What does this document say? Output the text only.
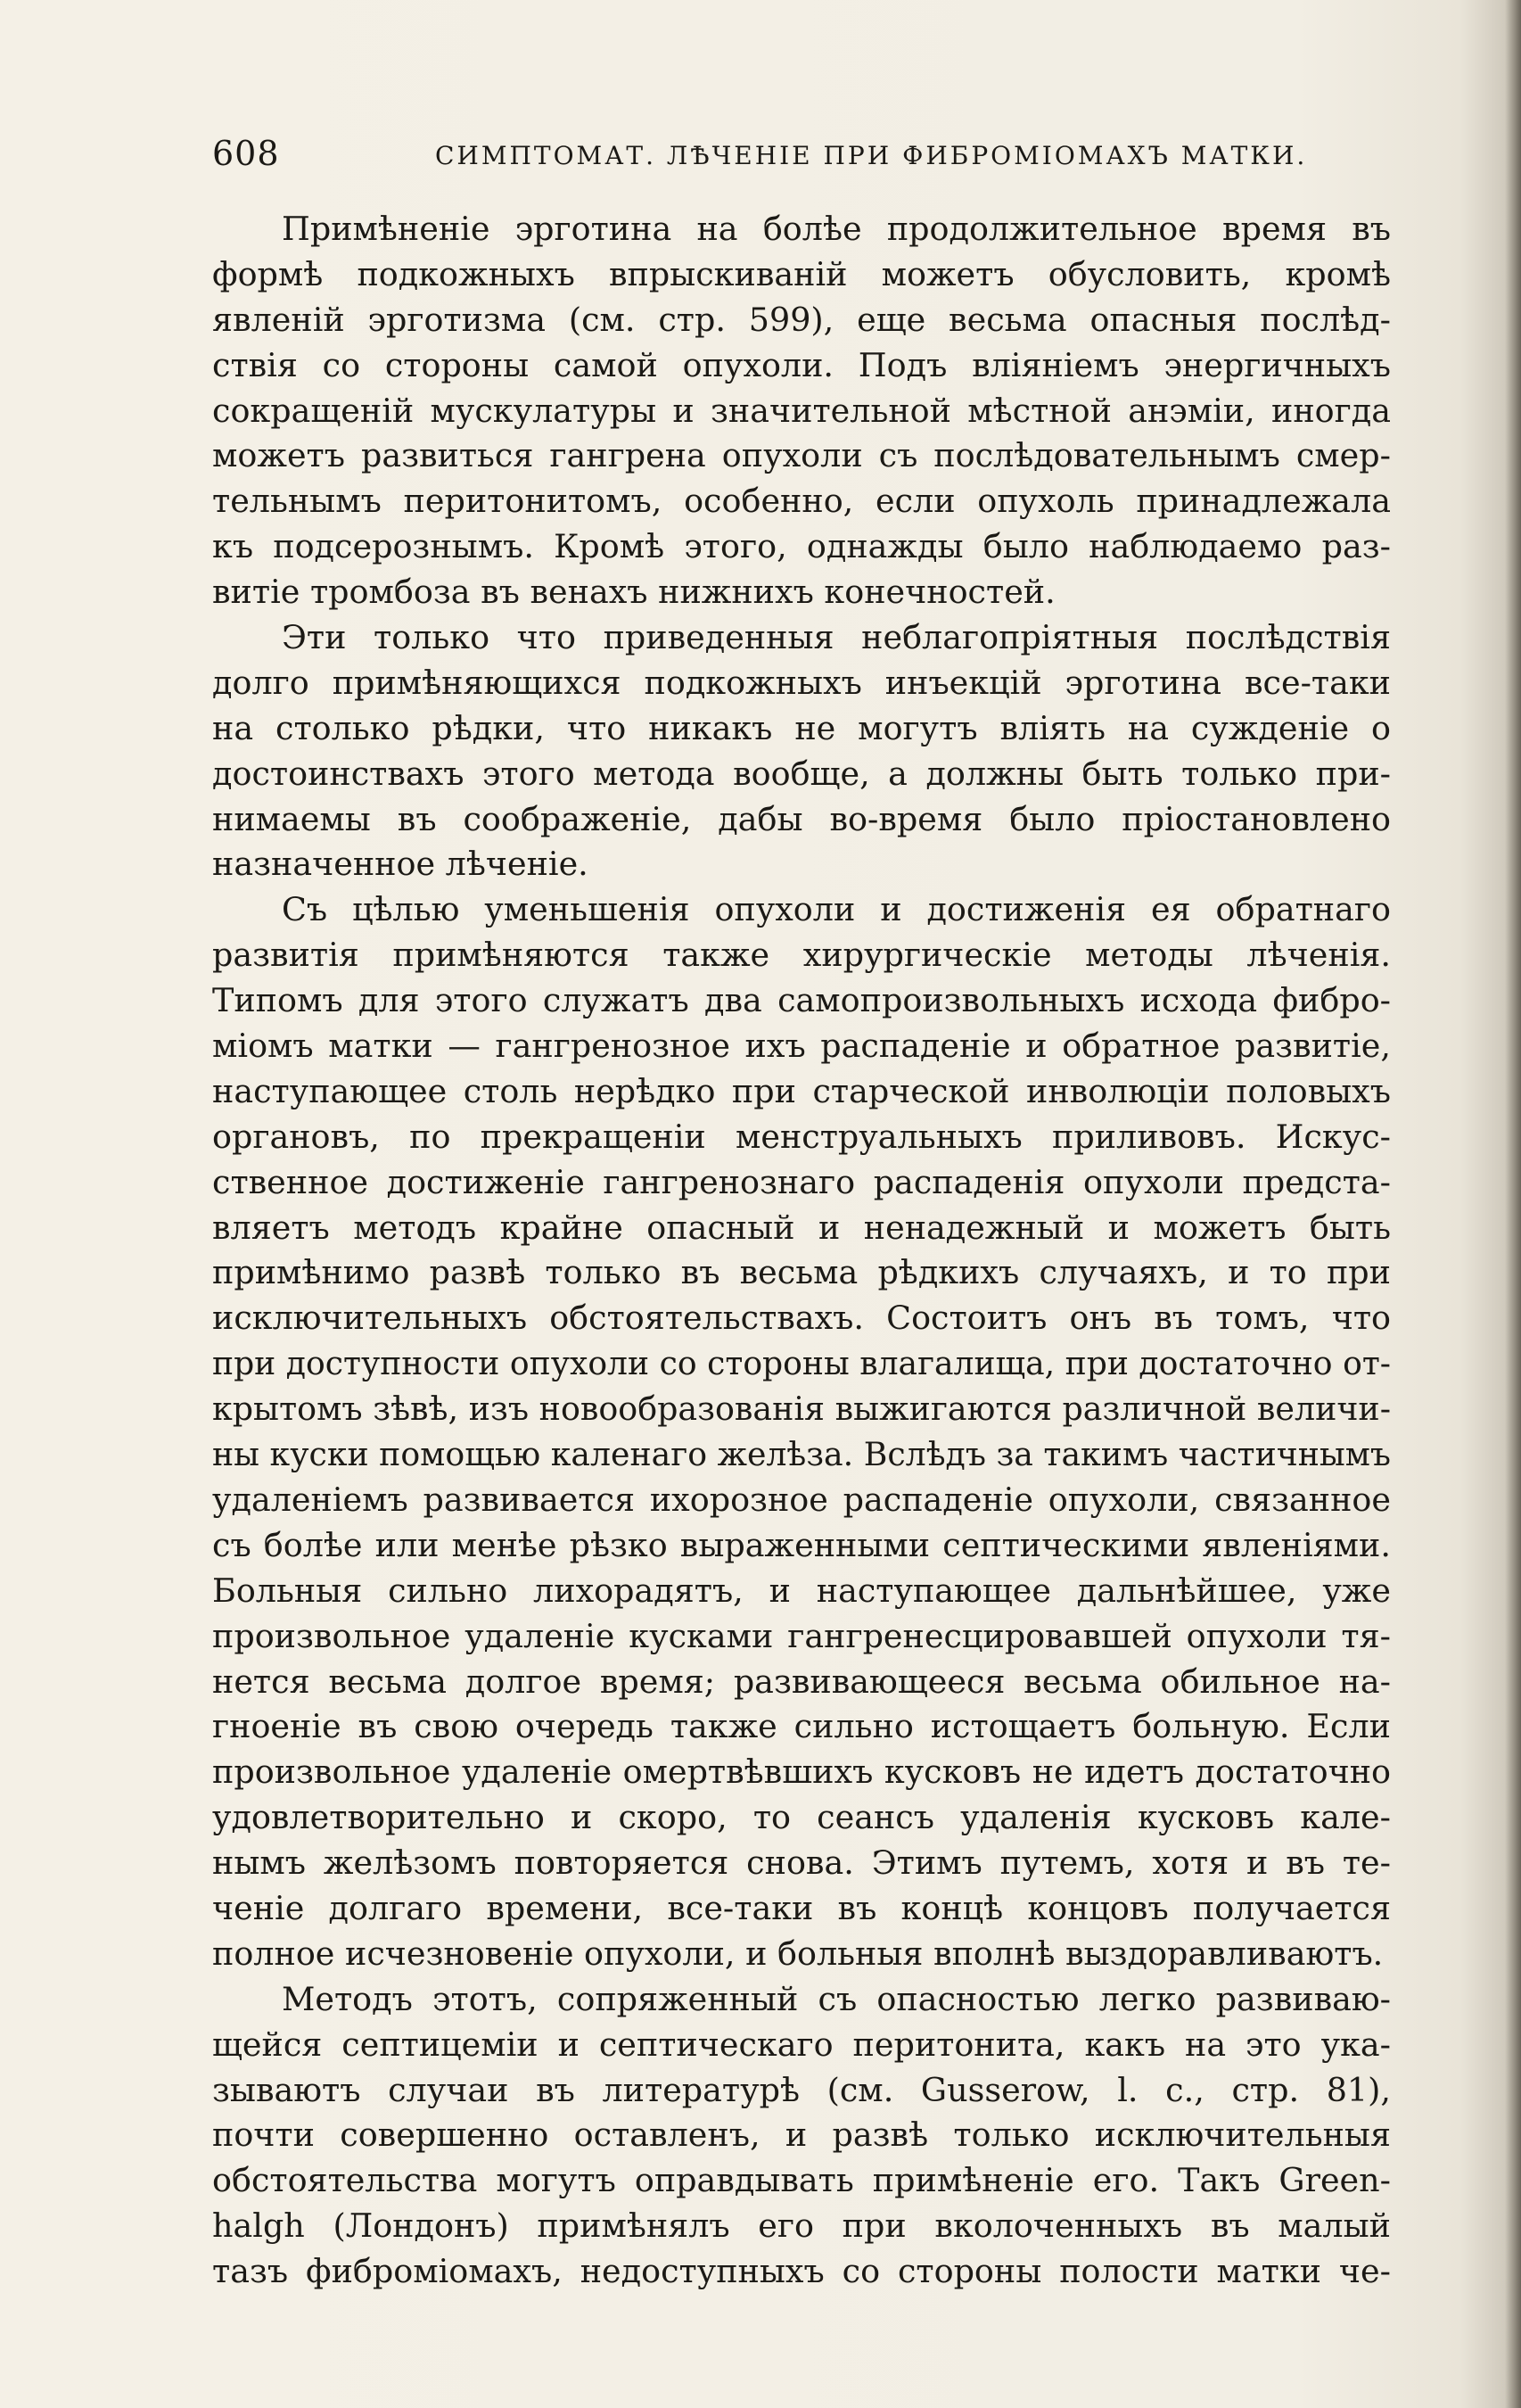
608	СИМПТОМАТ. ЛѢЧЕНІЕ ПРИ ФИБРОМІОМАХЪ МАТКИ.
Примѣненіе эрготина на болѣе продолжительное время въ
формѣ подкожныхъ впрыскиваній можетъ обусловить, кромѣ
явленій эрготизма (см. стр. 599), еще весьма опасныя послѣд-
ствія со стороны самой опухоли. Подъ вліяніемъ энергичныхъ
сокращеній мускулатуры и значительной мѣстной анэміи, иногда
можетъ развиться гангрена опухоли съ послѣдовательнымъ смер-
тельнымъ перитонитомъ, особенно, если опухоль принадлежала
къ подсерознымъ. Кромѣ этого, однажды было наблюдаемо раз-
витіе тромбоза въ венахъ нижнихъ конечностей.
Эти только что приведенныя неблагопріятныя послѣдствія
долго примѣняющихся подкожныхъ инъекцій эрготина все-таки
на столько рѣдки, что никакъ не могутъ вліять на сужденіе о
достоинствахъ этого метода вообще, а должны быть только при-
нимаемы въ соображеніе, дабы во-время было пріостановлено
назначенное лѣченіе.
Съ цѣлью уменьшенія опухоли и достиженія ея обратнаго
развитія примѣняются также хирургическіе методы лѣченія.
Типомъ для этого служатъ два самопроизвольныхъ исхода фибро-
міомъ матки — гангренозное ихъ распаденіе и обратное развитіе,
наступающее столь нерѣдко при старческой инволюціи половыхъ
органовъ, по прекращеніи менструальныхъ приливовъ. Искус-
ственное достиженіе гангренознаго распаденія опухоли предста-
вляетъ методъ крайне опасный и ненадежный и можетъ быть
примѣнимо развѣ только въ весьма рѣдкихъ случаяхъ, и то при
исключительныхъ обстоятельствахъ. Состоитъ онъ въ томъ, что
при доступности опухоли со стороны влагалища, при достаточно от-
крытомъ зѣвѣ, изъ новообразованія выжигаются различной величи-
ны куски помощью каленаго желѣза. Вслѣдъ за такимъ частичнымъ
удаленіемъ развивается ихорозное распаденіе опухоли, связанное
съ болѣе или менѣе рѣзко выраженными септическими явленіями.
Больныя сильно лихорадятъ, и наступающее дальнѣйшее, уже
произвольное удаленіе кусками гангренесцировавшей опухоли тя-
нется весьма долгое время; развивающееся весьма обильное на-
гноеніе въ свою очередь также сильно истощаетъ больную. Если
произвольное удаленіе омертвѣвшихъ кусковъ не идетъ достаточно
удовлетворительно и скоро, то сеансъ удаленія кусковъ кале-
нымъ желѣзомъ повторяется снова. Этимъ путемъ, хотя и въ те-
ченіе долгаго времени, все-таки въ концѣ концовъ получается
полное исчезновеніе опухоли, и больныя вполнѣ выздоравливаютъ.
Методъ этотъ, сопряженный съ опасностью легко развиваю-
щейся септицеміи и септическаго перитонита, какъ на это ука-
зываютъ случаи въ литературѣ (см. Gusserow, l. c., стр. 81),
почти совершенно оставленъ, и развѣ только исключительныя
обстоятельства могутъ оправдывать примѣненіе его. Такъ Green-
halgh (Лондонъ) примѣнялъ его при вколоченныхъ въ малый
тазъ фиброміомахъ, недоступныхъ со стороны полости матки че-
